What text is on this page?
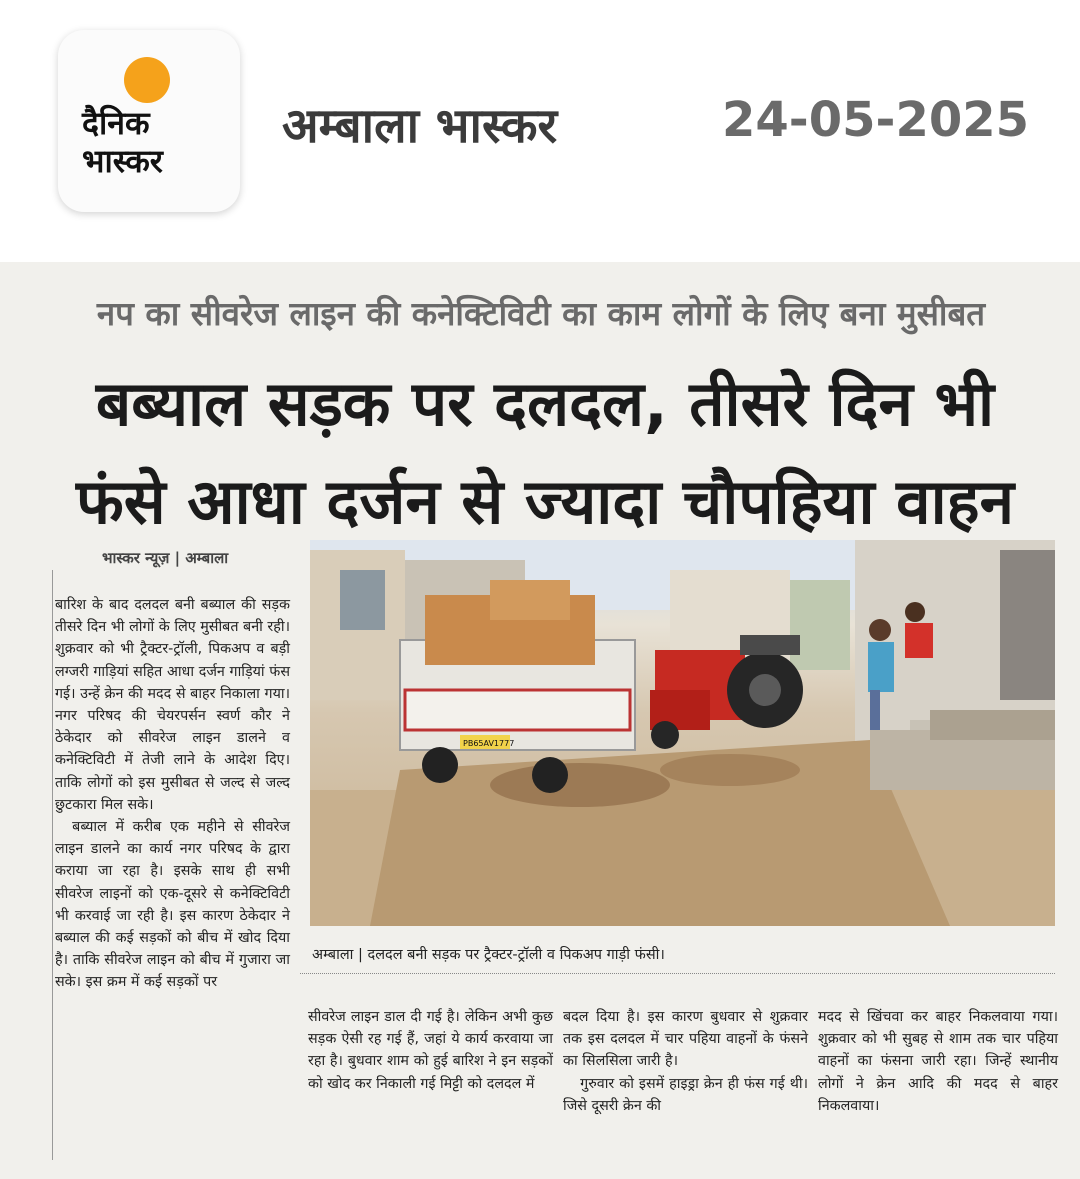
दैनिक
भास्कर
अम्बाला भास्कर	24-05-2025
नप का सीवरेज लाइन की कनेक्टिविटी का काम लोगों के लिए बना मुसीबत
बब्याल सड़क पर दलदल, तीसरे दिन भी
फंसे आधा दर्जन से ज्यादा चौपहिया वाहन
भास्कर न्यूज़ | अम्बाला

बारिश के बाद दलदल बनी बब्याल की सड़क तीसरे दिन भी लोगों के लिए मुसीबत बनी रही। शुक्रवार को भी ट्रैक्टर-ट्रॉली, पिकअप व बड़ी लग्जरी गाड़ियां सहित आधा दर्जन गाड़ियां फंस गई। उन्हें क्रेन की मदद से बाहर निकाला गया। नगर परिषद की चेयरपर्सन स्वर्ण कौर ने ठेकेदार को सीवरेज लाइन डालने व कनेक्टिविटी में तेजी लाने के आदेश दिए। ताकि लोगों को इस मुसीबत से जल्द से जल्द छुटकारा मिल सके।

बब्याल में करीब एक महीने से सीवरेज लाइन डालने का कार्य नगर परिषद के द्वारा कराया जा रहा है। इसके साथ ही सभी सीवरेज लाइनों को एक-दूसरे से कनेक्टिविटी भी करवाई जा रही है। इस कारण ठेकेदार ने बब्याल की कई सड़कों को बीच में खोद दिया है। ताकि सीवरेज लाइन को बीच में गुजारा जा सके। इस क्रम में कई सड़कों पर

PB65AV1777
अम्बाला | दलदल बनी सड़क पर ट्रैक्टर-ट्रॉली व पिकअप गाड़ी फंसी।

सीवरेज लाइन डाल दी गई है। लेकिन अभी कुछ सड़क ऐसी रह गई हैं, जहां ये कार्य करवाया जा रहा है। बुधवार शाम को हुई बारिश ने इन सड़कों को खोद कर निकाली गई मिट्टी को दलदल में

बदल दिया है। इस कारण बुधवार से शुक्रवार तक इस दलदल में चार पहिया वाहनों के फंसने का सिलसिला जारी है।

गुरुवार को इसमें हाइड्रा क्रेन ही फंस गई थी। जिसे दूसरी क्रेन की

मदद से खिंचवा कर बाहर निकलवाया गया। शुक्रवार को भी सुबह से शाम तक चार पहिया वाहनों का फंसना जारी रहा। जिन्हें स्थानीय लोगों ने क्रेन आदि की मदद से बाहर निकलवाया।
